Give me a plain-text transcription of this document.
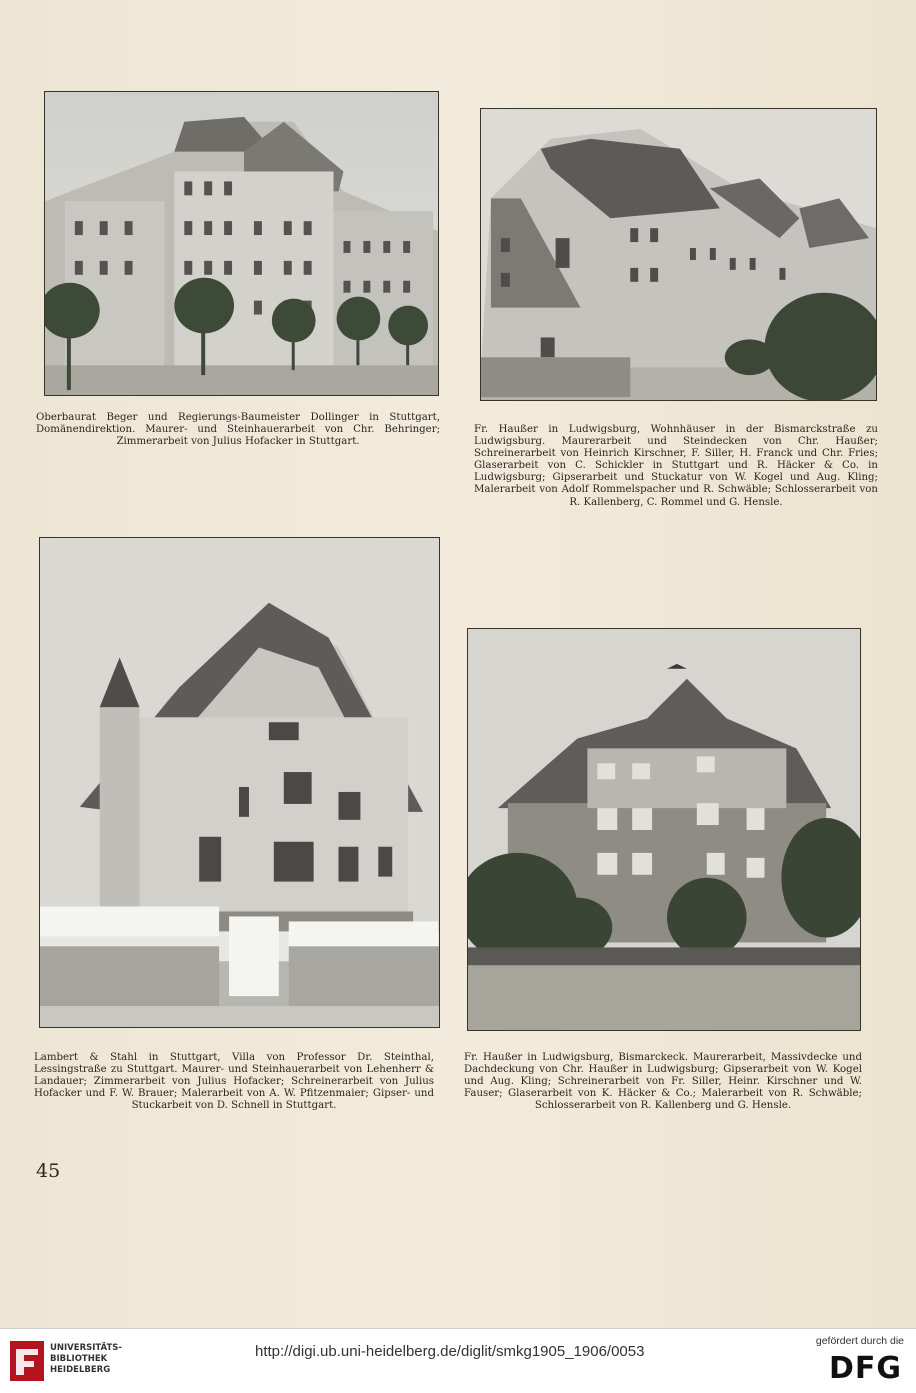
Oberbaurat Beger und Regierungs-Baumeister Dollinger in Stuttgart, Domänendirektion. Maurer- und Steinhauerarbeit von Chr. Behringer; Zimmerarbeit von Julius Hofacker in Stuttgart.

Fr. Haußer in Ludwigsburg, Wohnhäuser in der Bismarckstraße zu Ludwigsburg. Maurerarbeit und Steindecken von Chr. Haußer; Schreinerarbeit von Heinrich Kirschner, F. Siller, H. Franck und Chr. Fries; Glaserarbeit von C. Schickler in Stuttgart und R. Häcker & Co. in Ludwigsburg; Gipserarbeit und Stuckatur von W. Kogel und Aug. Kling; Malerarbeit von Adolf Rommelspacher und R. Schwäble; Schlosserarbeit von R. Kallenberg, C. Rommel und G. Hensle.

Lambert & Stahl in Stuttgart, Villa von Professor Dr. Steinthal, Lessingstraße zu Stuttgart. Maurer- und Steinhauerarbeit von Lehenherr & Landauer; Zimmerarbeit von Julius Hofacker; Schreinerarbeit von Julius Hofacker und F. W. Brauer; Malerarbeit von A. W. Pfitzenmaier; Gipser- und Stuckarbeit von D. Schnell in Stuttgart.

Fr. Haußer in Ludwigsburg, Bismarckeck. Maurerarbeit, Massivdecke und Dachdeckung von Chr. Haußer in Ludwigsburg; Gipserarbeit von W. Kogel und Aug. Kling; Schreinerarbeit von Fr. Siller, Heinr. Kirschner und W. Fauser; Glaserarbeit von K. Häcker & Co.; Malerarbeit von R. Schwäble; Schlosserarbeit von R. Kallenberg und G. Hensle.

45
UNIVERSITÄTS-
BIBLIOTHEK
HEIDELBERG
http://digi.ub.uni-heidelberg.de/diglit/smkg1905_1906/0053
gefördert durch die
DFG
